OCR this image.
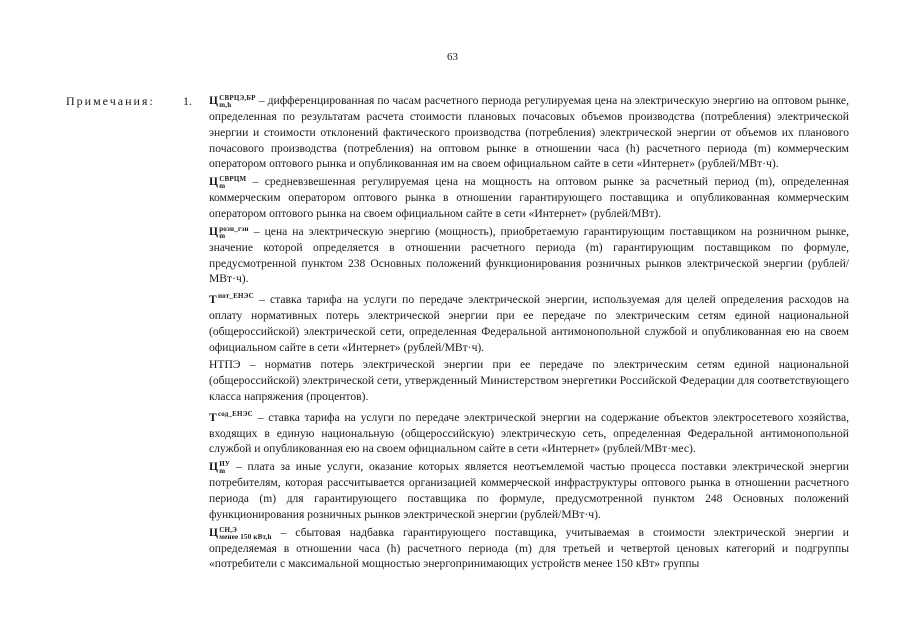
63
Примечания: 1. Ц СВРЦЭ,БР
m,h	– дифференцированная по часам расчетного периода регулируемая цена на электрическую энергию на оптовом рынке, определенная по результатам расчета стоимости плановых почасовых объемов производства (потребления) электрической энергии и стоимости отклонений фактического производства (потребления) электрической энергии от объемов их планового почасового производства (потребления) на оптовом рынке в отношении часа (h) расчетного периода (m) коммерческим оператором оптового рынка и опубликованная им на своем официальном сайте в сети «Интернет» (рублей/МВт·ч).

Ц СВРЦМ
m	– средневзвешенная регулируемая цена на мощность на оптовом рынке за расчетный период (m), определенная коммерческим оператором оптового рынка в отношении гарантирующего поставщика и опубликованная коммерческим оператором оптового рынка на своем официальном сайте в сети «Интернет» (рублей/МВт).

Ц розн_гэн
m	– цена на электрическую энергию (мощность), приобретаемую гарантирующим поставщиком на розничном рынке, значение которой определяется в отношении расчетного периода (m) гарантирующим поставщиком по формуле, предусмотренной пунктом 238 Основных положений функционирования розничных рынков электрической энергии (рублей/МВт·ч).

$T^{пот\_ЕНЭС}$ – ставка тарифа на услуги по передаче электрической энергии, используемая для целей определения расходов на оплату нормативных потерь электрической энергии при ее передаче по электрическим сетям единой национальной (общероссийской) электрической сети, определенная Федеральной антимонопольной службой и опубликованная ею на своем официальном сайте в сети «Интернет» (рублей/МВт·ч).

НТПЭ – норматив потерь электрической энергии при ее передаче по электрическим сетям единой национальной (общероссийской) электрической сети, утвержденный Министерством энергетики Российской Федерации для соответствующего класса напряжения (процентов).

$T^{сод\_ЕНЭС}$ – ставка тарифа на услуги по передаче электрической энергии на содержание объектов электросетевого хозяйства, входящих в единую национальную (общероссийскую) электрическую сеть, определенная Федеральной антимонопольной службой и опубликованная ею на своем официальном сайте в сети «Интернет» (рублей/МВт·мес).

Ц ИУ
m – плата за иные услуги, оказание которых является неотъемлемой частью процесса поставки электрической энергии потребителям, которая рассчитывается организацией коммерческой инфраструктуры оптового рынка в отношении расчетного периода (m) для гарантирующего поставщика по формуле, предусмотренной пунктом 248 Основных положений функционирования розничных рынков электрической энергии (рублей/МВт·ч).

Ц СН,Э
менее 150 кВт,h – сбытовая надбавка гарантирующего поставщика, учитываемая в стоимости электрической энергии и определяемая в отношении часа (h) расчетного периода (m) для третьей и четвертой ценовых категорий и подгруппы «потребители с максимальной мощностью энергопринимающих устройств менее 150 кВт» группы
